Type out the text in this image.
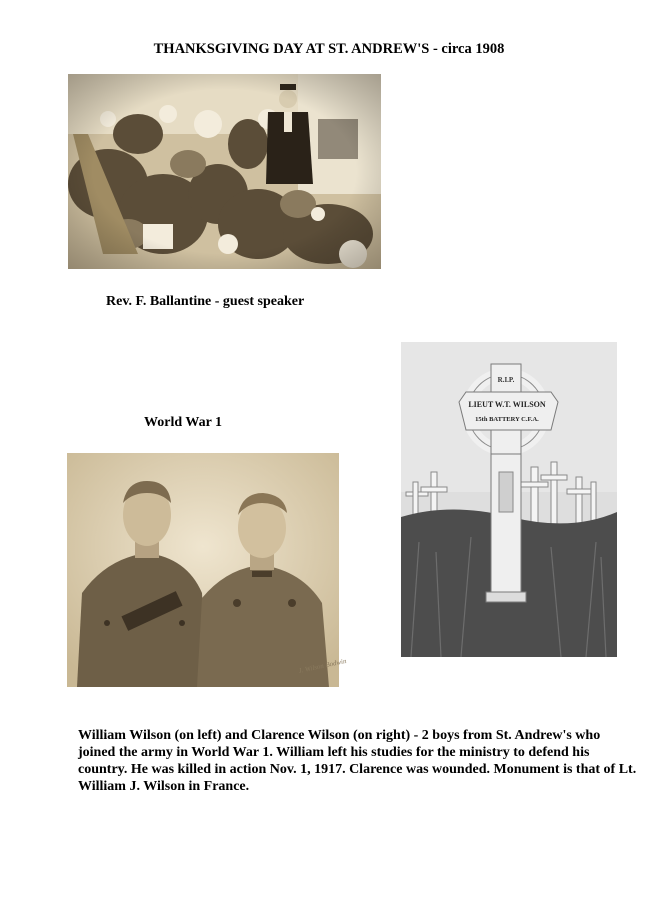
THANKSGIVING DAY AT ST. ANDREW'S - circa 1908
Rev. F. Ballantine - guest speaker
R.I.P.
LIEUT W.T. WILSON
15th BATTERY C.F.A.
World War 1
J. Wilson Bodwin
William Wilson (on left) and Clarence Wilson (on right) - 2 boys from St. Andrew's who joined the army in World War 1. William left his studies for the ministry to defend his country. He was killed in action Nov. 1, 1917. Clarence was wounded. Monument is that of Lt. William J. Wilson in France.
